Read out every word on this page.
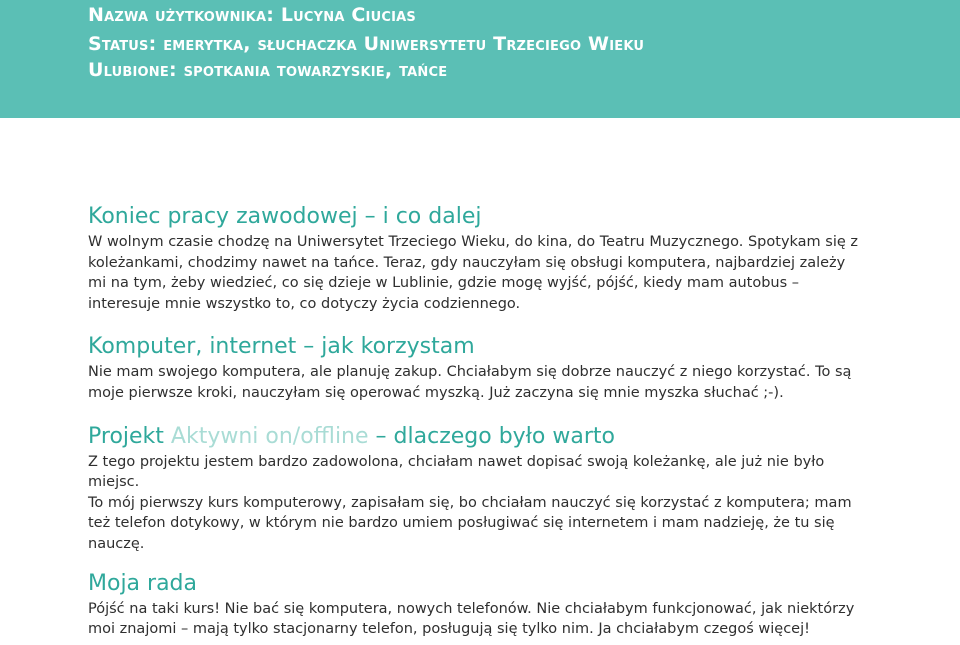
Nazwa użytkownika: Lucyna Ciucias
Status: emerytka, słuchaczka Uniwersytetu Trzeciego Wieku
Ulubione: spotkania towarzyskie, tańce
Koniec pracy zawodowej – i co dalej

W wolnym czasie chodzę na Uniwersytet Trzeciego Wieku, do kina, do Teatru Muzycznego. Spotykam się z koleżankami, chodzimy nawet na tańce. Teraz, gdy nauczyłam się obsługi komputera, najbardziej zależy mi na tym, żeby wiedzieć, co się dzieje w Lublinie, gdzie mogę wyjść, pójść, kiedy mam autobus – interesuje mnie wszystko to, co dotyczy życia codziennego.

Komputer, internet – jak korzystam

Nie mam swojego komputera, ale planuję zakup. Chciałabym się dobrze nauczyć z niego korzystać. To są moje pierwsze kroki, nauczyłam się operować myszką. Już zaczyna się mnie myszka słuchać ;-).

Projekt Aktywni on/offline – dlaczego było warto

Z tego projektu jestem bardzo zadowolona, chciałam nawet dopisać swoją koleżankę, ale już nie było miejsc.

To mój pierwszy kurs komputerowy, zapisałam się, bo chciałam nauczyć się korzystać z komputera; mam też telefon dotykowy, w którym nie bardzo umiem posługiwać się internetem i mam nadzieję, że tu się nauczę.

Moja rada

Pójść na taki kurs! Nie bać się komputera, nowych telefonów. Nie chciałabym funkcjonować, jak niektórzy moi znajomi – mają tylko stacjonarny telefon, posługują się tylko nim. Ja chciałabym czegoś więcej!
